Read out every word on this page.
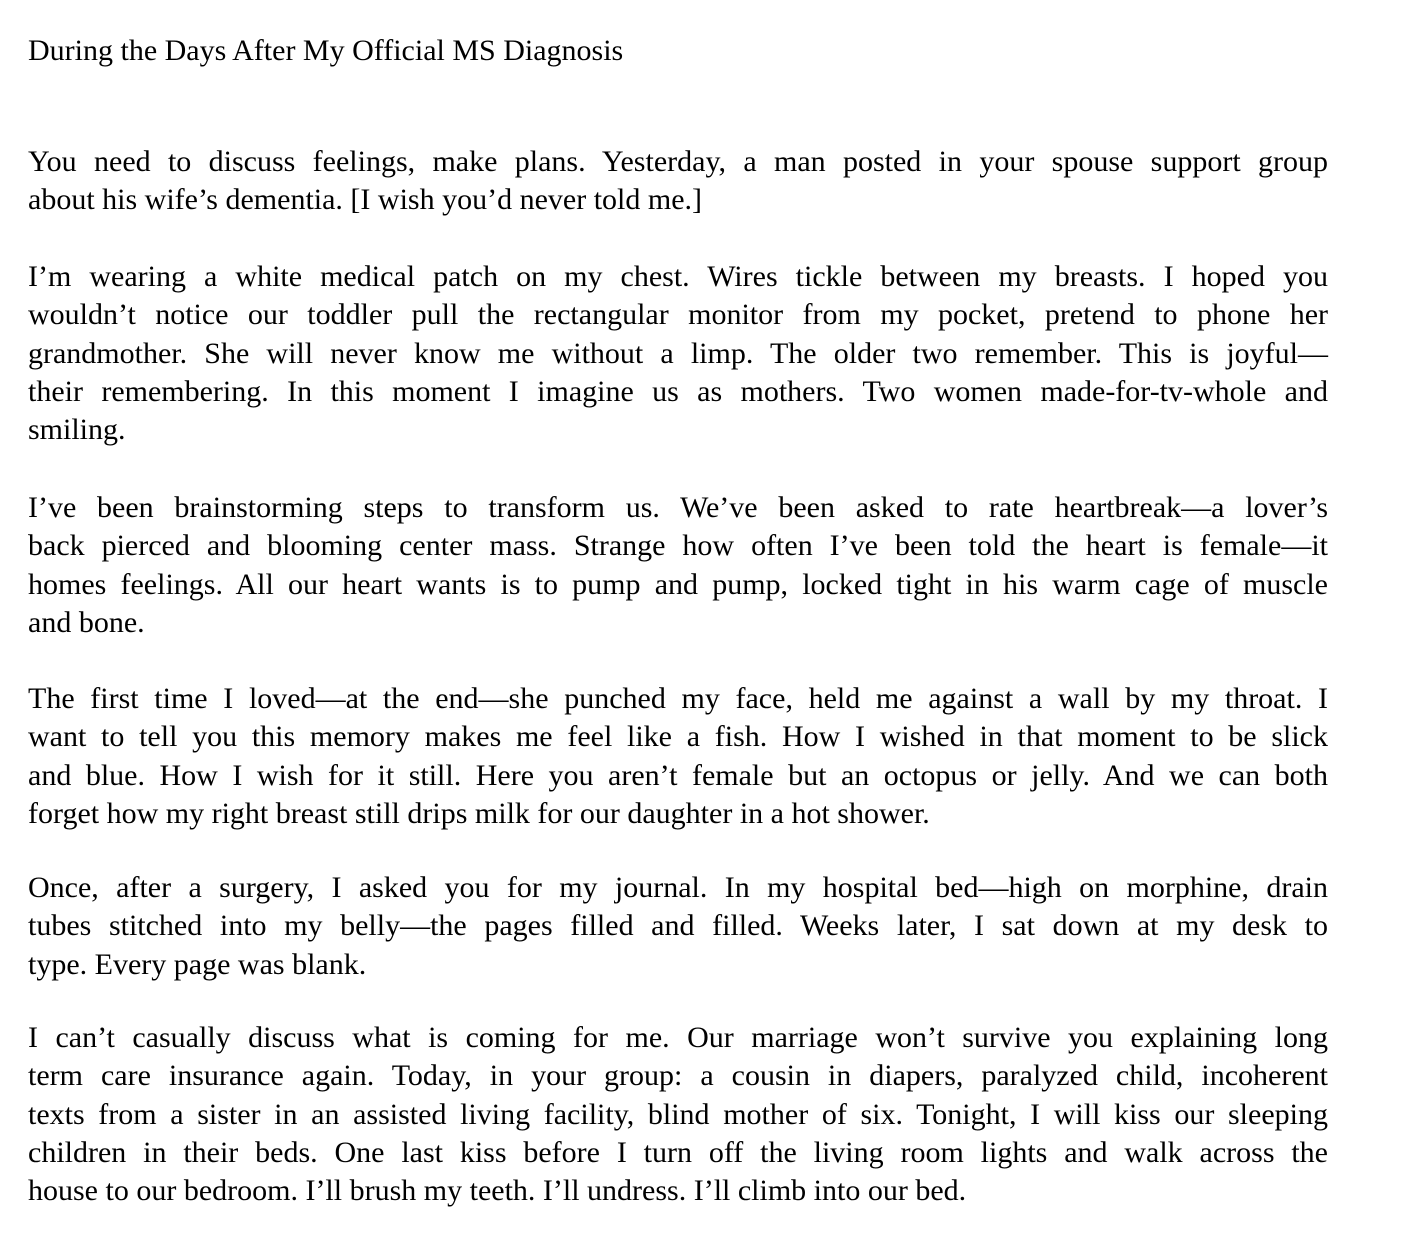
During the Days After My Official MS Diagnosis
You need to discuss feelings, make plans. Yesterday, a man posted in your spouse support group
about his wife’s dementia. [I wish you’d never told me.]
I’m wearing a white medical patch on my chest. Wires tickle between my breasts. I hoped you
wouldn’t notice our toddler pull the rectangular monitor from my pocket, pretend to phone her
grandmother. She will never know me without a limp. The older two remember. This is joyful—
their remembering. In this moment I imagine us as mothers. Two women made-for-tv-whole and
smiling.
I’ve been brainstorming steps to transform us. We’ve been asked to rate heartbreak—a lover’s
back pierced and blooming center mass. Strange how often I’ve been told the heart is female—it
homes feelings. All our heart wants is to pump and pump, locked tight in his warm cage of muscle
and bone.
The first time I loved—at the end—she punched my face, held me against a wall by my throat. I
want to tell you this memory makes me feel like a fish. How I wished in that moment to be slick
and blue. How I wish for it still. Here you aren’t female but an octopus or jelly. And we can both
forget how my right breast still drips milk for our daughter in a hot shower.
Once, after a surgery, I asked you for my journal. In my hospital bed—high on morphine, drain
tubes stitched into my belly—the pages filled and filled. Weeks later, I sat down at my desk to
type. Every page was blank.
I can’t casually discuss what is coming for me. Our marriage won’t survive you explaining long
term care insurance again. Today, in your group: a cousin in diapers, paralyzed child, incoherent
texts from a sister in an assisted living facility, blind mother of six. Tonight, I will kiss our sleeping
children in their beds. One last kiss before I turn off the living room lights and walk across the
house to our bedroom. I’ll brush my teeth. I’ll undress. I’ll climb into our bed.
